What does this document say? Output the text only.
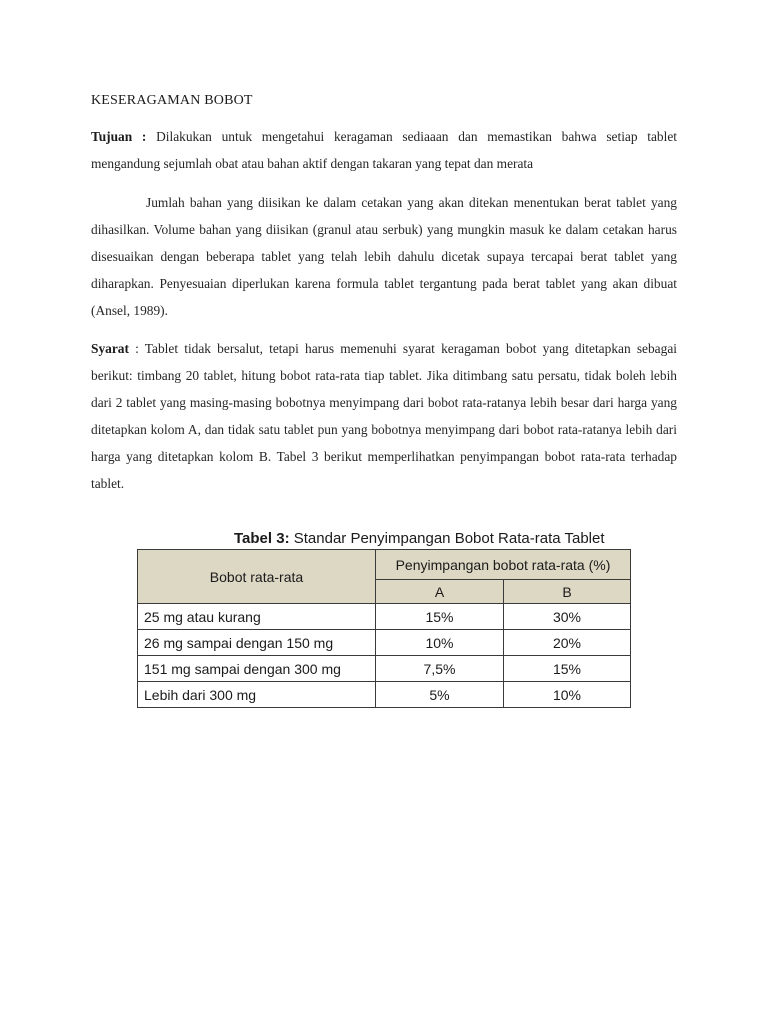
KESERAGAMAN BOBOT
Tujuan : Dilakukan untuk mengetahui keragaman sediaaan dan memastikan bahwa setiap tablet mengandung sejumlah obat atau bahan aktif dengan takaran yang tepat dan merata
Jumlah bahan yang diisikan ke dalam cetakan yang akan ditekan menentukan berat tablet yang dihasilkan. Volume bahan yang diisikan (granul atau serbuk) yang mungkin masuk ke dalam cetakan harus disesuaikan dengan beberapa tablet yang telah lebih dahulu dicetak supaya tercapai berat tablet yang diharapkan. Penyesuaian diperlukan karena formula tablet tergantung pada berat tablet yang akan dibuat (Ansel, 1989).
Syarat : Tablet tidak bersalut, tetapi harus memenuhi syarat keragaman bobot yang ditetapkan sebagai berikut: timbang 20 tablet, hitung bobot rata-rata tiap tablet. Jika ditimbang satu persatu, tidak boleh lebih dari 2 tablet yang masing-masing bobotnya menyimpang dari bobot rata-ratanya lebih besar dari harga yang ditetapkan kolom A, dan tidak satu tablet pun yang bobotnya menyimpang dari bobot rata-ratanya lebih dari harga yang ditetapkan kolom B. Tabel 3 berikut memperlihatkan penyimpangan bobot rata-rata terhadap tablet.
Tabel 3: Standar Penyimpangan Bobot Rata-rata Tablet
Bobot rata-rata	Penyimpangan bobot rata-rata (%)	
	A	B
25 mg atau kurang	15%	30%
26 mg sampai dengan 150 mg	10%	20%
151 mg sampai dengan 300 mg	7,5%	15%
Lebih dari 300 mg	5%	10%
